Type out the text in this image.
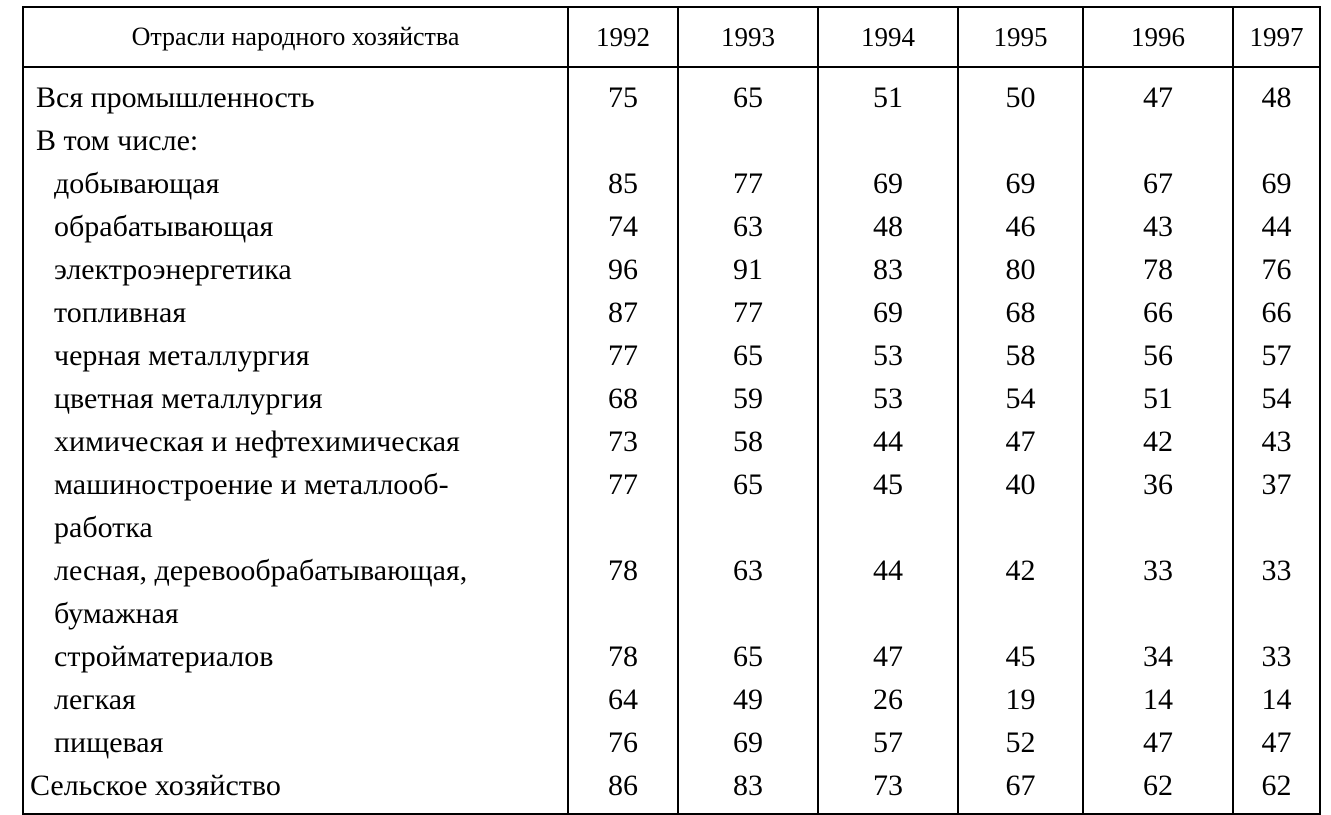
Отрасли народного хозяйства	1992	1993	1994	1995	1996	1997
Вся промышленность	75	65	51	50	47	48
В том числе:						
добывающая	85	77	69	69	67	69
обрабатывающая	74	63	48	46	43	44
электроэнергетика	96	91	83	80	78	76
топливная	87	77	69	68	66	66
черная металлургия	77	65	53	58	56	57
цветная металлургия	68	59	53	54	51	54
химическая и нефтехимическая	73	58	44	47	42	43
машиностроение и металлооб-	77	65	45	40	36	37
работка						
лесная, деревообрабатывающая,	78	63	44	42	33	33
бумажная						
стройматериалов	78	65	47	45	34	33
легкая	64	49	26	19	14	14
пищевая	76	69	57	52	47	47
Сельское хозяйство	86	83	73	67	62	62
